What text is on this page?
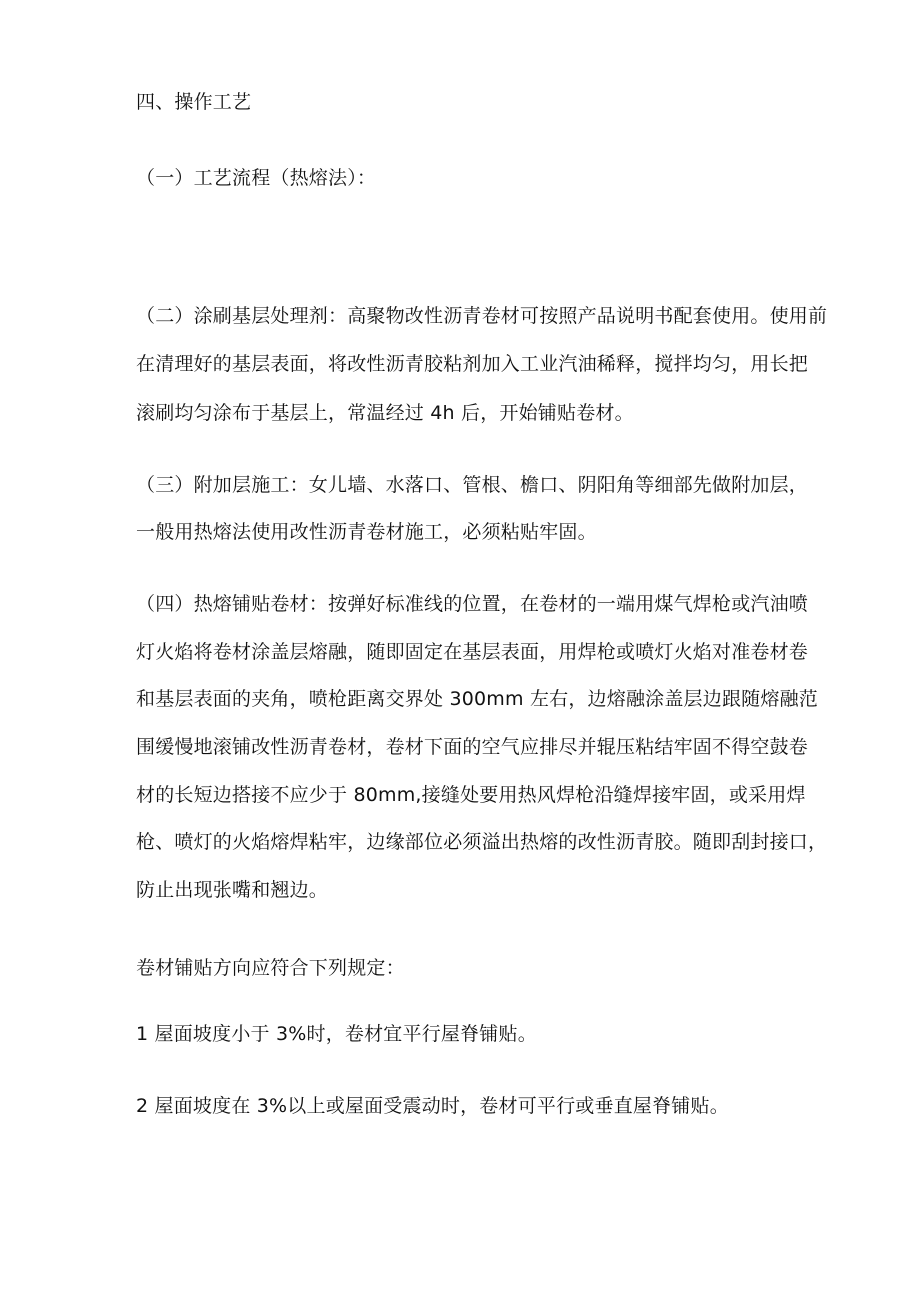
四、操作工艺
（一）工艺流程（热熔法）：
（二）涂刷基层处理剂：高聚物改性沥青卷材可按照产品说明书配套使用。使用前
在清理好的基层表面，将改性沥青胶粘剂加入工业汽油稀释，搅拌均匀，用长把
滚刷均匀涂布于基层上，常温经过 4h 后，开始铺贴卷材。
（三）附加层施工：女儿墙、水落口、管根、檐口、阴阳角等细部先做附加层，
一般用热熔法使用改性沥青卷材施工，必须粘贴牢固。
（四）热熔铺贴卷材：按弹好标准线的位置，在卷材的一端用煤气焊枪或汽油喷
灯火焰将卷材涂盖层熔融，随即固定在基层表面，用焊枪或喷灯火焰对准卷材卷
和基层表面的夹角，喷枪距离交界处 300mm 左右，边熔融涂盖层边跟随熔融范
围缓慢地滚铺改性沥青卷材，卷材下面的空气应排尽并辊压粘结牢固不得空鼓卷
材的长短边搭接不应少于 80mm,接缝处要用热风焊枪沿缝焊接牢固，或采用焊
枪、喷灯的火焰熔焊粘牢，边缘部位必须溢出热熔的改性沥青胶。随即刮封接口，
防止出现张嘴和翘边。
卷材铺贴方向应符合下列规定：
1 屋面坡度小于 3%时，卷材宜平行屋脊铺贴。
2 屋面坡度在 3%以上或屋面受震动时，卷材可平行或垂直屋脊铺贴。
